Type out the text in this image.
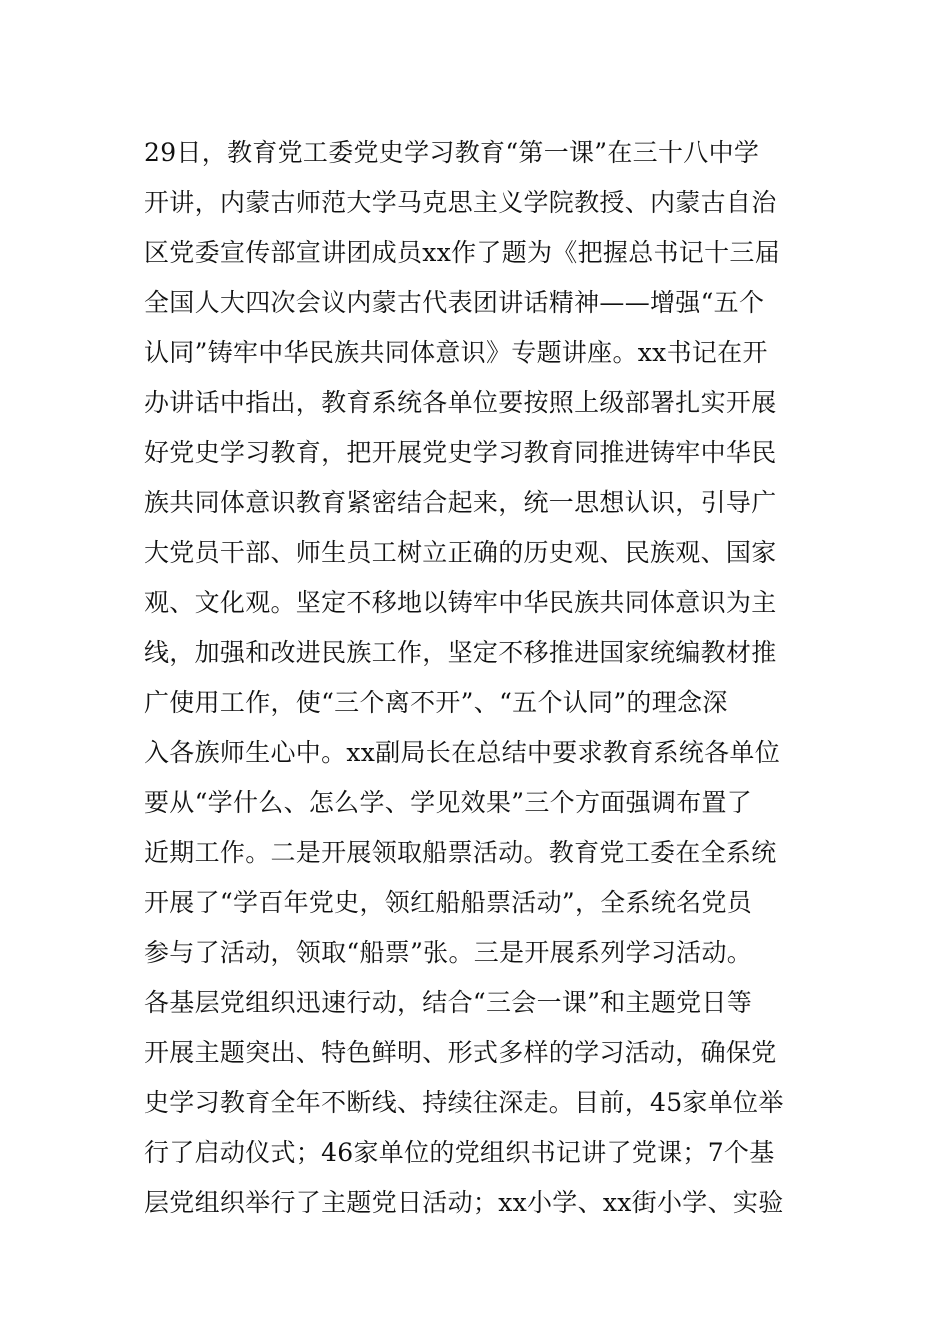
29日，教育党工委党史学习教育“第一课”在三十八中学
开讲，内蒙古师范大学马克思主义学院教授、内蒙古自治
区党委宣传部宣讲团成员xx作了题为《把握总书记十三届
全国人大四次会议内蒙古代表团讲话精神——增强“五个
认同”铸牢中华民族共同体意识》专题讲座。xx书记在开
办讲话中指出，教育系统各单位要按照上级部署扎实开展
好党史学习教育，把开展党史学习教育同推进铸牢中华民
族共同体意识教育紧密结合起来，统一思想认识，引导广
大党员干部、师生员工树立正确的历史观、民族观、国家
观、文化观。坚定不移地以铸牢中华民族共同体意识为主
线，加强和改进民族工作，坚定不移推进国家统编教材推
广使用工作，使“三个离不开”、“五个认同”的理念深
入各族师生心中。xx副局长在总结中要求教育系统各单位
要从“学什么、怎么学、学见效果”三个方面强调布置了
近期工作。二是开展领取船票活动。教育党工委在全系统
开展了“学百年党史，领红船船票活动”，全系统名党员
参与了活动，领取“船票”张。三是开展系列学习活动。
各基层党组织迅速行动，结合“三会一课”和主题党日等
开展主题突出、特色鲜明、形式多样的学习活动，确保党
史学习教育全年不断线、持续往深走。目前，45家单位举
行了启动仪式；46家单位的党组织书记讲了党课；7个基
层党组织举行了主题党日活动；xx小学、xx街小学、实验
